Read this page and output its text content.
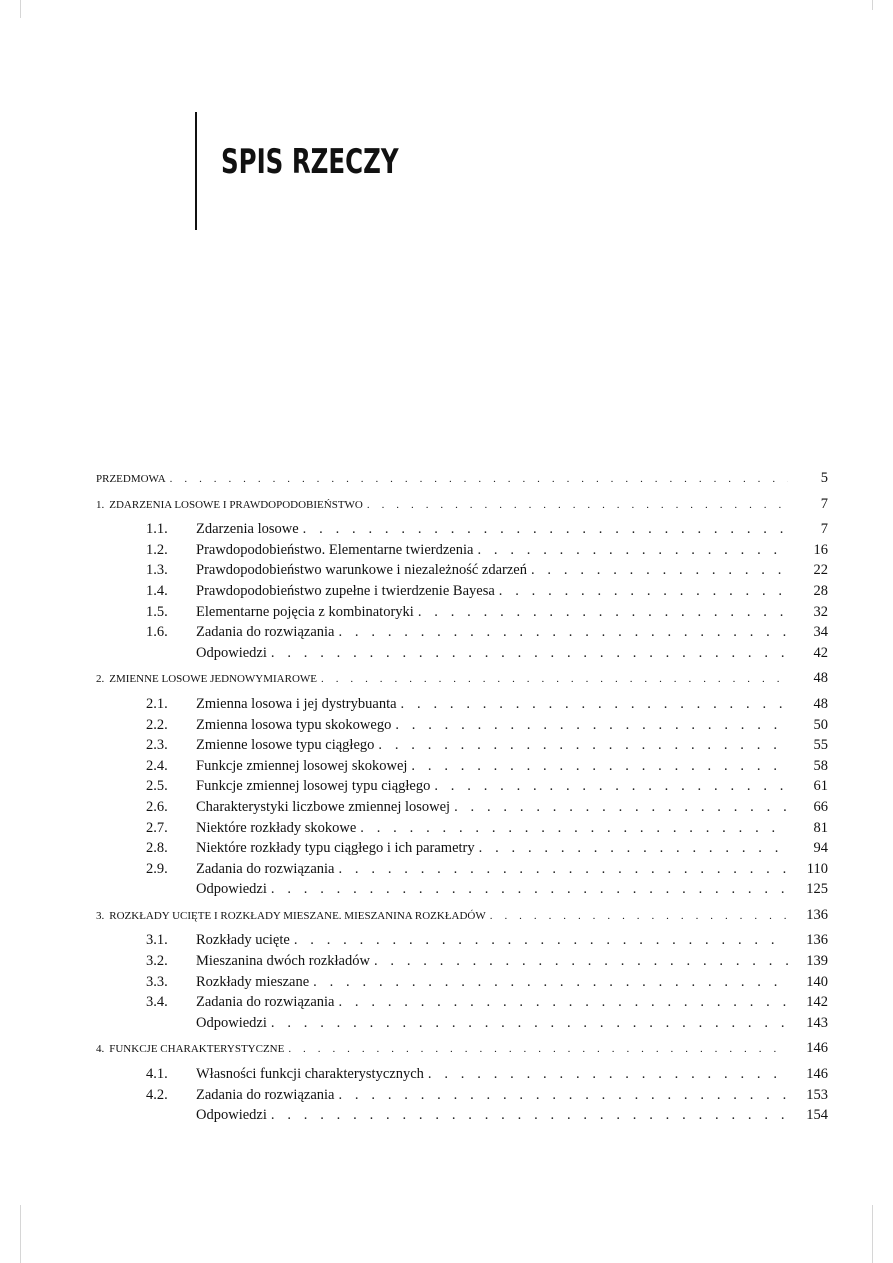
SPIS RZECZY
PRZEDMOWA . . .	5
1. ZDARZENIA LOSOWE I PRAWDOPODOBIEŃSTWO . . .	7
1.1.	Zdarzenia losowe . . .	7
1.2.	Prawdopodobieństwo. Elementarne twierdzenia . . .	16
1.3.	Prawdopodobieństwo warunkowe i niezależność zdarzeń . . .	22
1.4.	Prawdopodobieństwo zupełne i twierdzenie Bayesa . . .	28
1.5.	Elementarne pojęcia z kombinatoryki . . .	32
1.6.	Zadania do rozwiązania . . .	34
Odpowiedzi . . .	42
2. ZMIENNE LOSOWE JEDNOWYMIAROWE . . .	48
2.1.	Zmienna losowa i jej dystrybuanta . . .	48
2.2.	Zmienna losowa typu skokowego . . .	50
2.3.	Zmienne losowe typu ciągłego . . .	55
2.4.	Funkcje zmiennej losowej skokowej . . .	58
2.5.	Funkcje zmiennej losowej typu ciągłego . . .	61
2.6.	Charakterystyki liczbowe zmiennej losowej . . .	66
2.7.	Niektóre rozkłady skokowe . . .	81
2.8.	Niektóre rozkłady typu ciągłego i ich parametry . . .	94
2.9.	Zadania do rozwiązania . . .	110
Odpowiedzi . . .	125
3. ROZKŁADY UCIĘTE I ROZKŁADY MIESZANE. MIESZANINA ROZKŁADÓW . . .	136
3.1.	Rozkłady ucięte . . .	136
3.2.	Mieszanina dwóch rozkładów . . .	139
3.3.	Rozkłady mieszane . . .	140
3.4.	Zadania do rozwiązania . . .	142
Odpowiedzi . . .	143
4. FUNKCJE CHARAKTERYSTYCZNE . . .	146
4.1.	Własności funkcji charakterystycznych . . .	146
4.2.	Zadania do rozwiązania . . .	153
Odpowiedzi . . .	154
